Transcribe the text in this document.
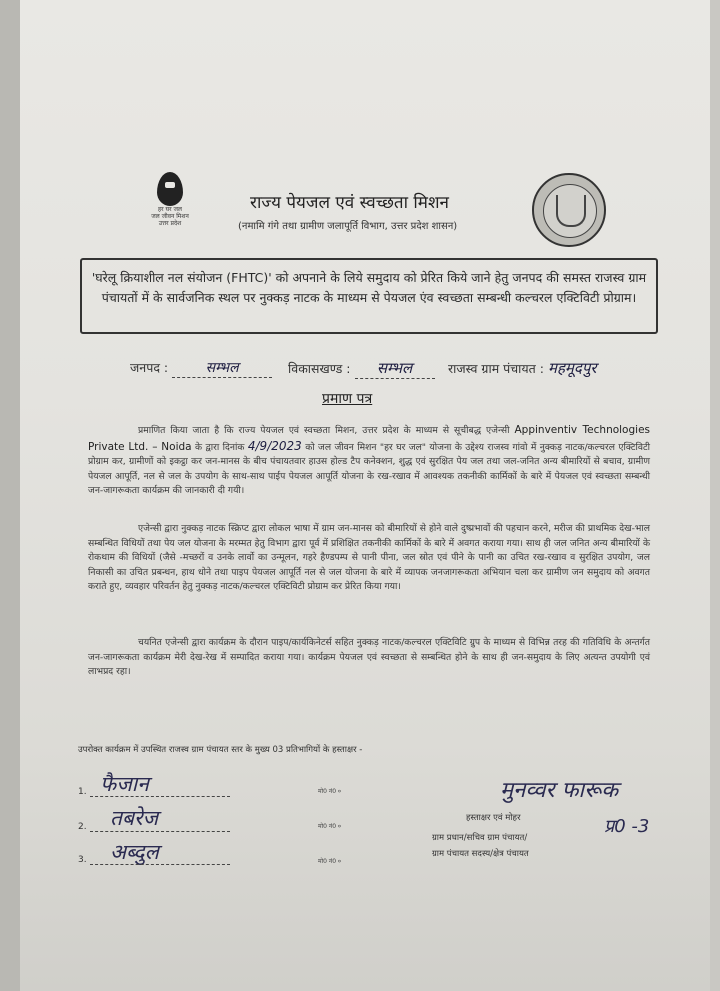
हर घर जल
जल जीवन मिशन
उत्तर प्रदेश
राज्य पेयजल एवं स्वच्छता मिशन
(नमामि गंगे तथा ग्रामीण जलापूर्ति विभाग, उत्तर प्रदेश शासन)
'घरेलू क्रियाशील नल संयोजन (FHTC)' को अपनाने के लिये समुदाय को प्रेरित किये जाने हेतु जनपद की समस्त राजस्व ग्राम पंचायतों में के सार्वजनिक स्थल पर नुक्कड़ नाटक के माध्यम से पेयजल एंव स्वच्छता सम्बन्धी कल्चरल एक्टिविटी प्रोग्राम।
जनपद :	सम्भल	विकासखण्ड : सम्भल	राजस्व ग्राम पंचायत : महमूदपुर
प्रमाण पत्र
प्रमाणित किया जाता है कि राज्य पेयजल एवं स्वच्छता मिशन, उत्तर प्रदेश के माध्यम से सूचीबद्ध एजेन्सी Appinventiv Technologies Private Ltd. – Noida के द्वारा दिनांक 4/9/2023 को जल जीवन मिशन "हर घर जल" योजना के उद्देश्य राजस्व गांवो में नुक्कड़ नाटक/कल्चरल एक्टिविटी प्रोग्राम कर, ग्रामीणों को इकट्ठा कर जन-मानस के बीच पंचायतवार हाउस होल्ड टैप कनेक्शन, शुद्ध एवं सुरक्षित पेय जल तथा जल-जनित अन्य बीमारियों से बचाव, ग्रामीण पेयजल आपूर्ति, नल से जल के उपयोग के साथ-साथ पाईप पेयजल आपूर्ति योजना के रख-रखाव में आवश्यक तकनीकी कार्मिकों के बारे में पेयजल एवं स्वच्छता सम्बन्धी जन-जागरूकता कार्यक्रम की जानकारी दी गयी।
एजेन्सी द्वारा नुक्कड़ नाटक स्क्रिप्ट द्वारा लोकल भाषा में ग्राम जन-मानस को बीमारियों से होने वाले दुष्प्रभावों की पहचान करने, मरीज की प्राथमिक देख-भाल सम्बन्धित विधियों तथा पेय जल योजना के मरम्मत हेतु विभाग द्वारा पूर्व में प्रशिक्षित तकनीकी कार्मिकों के बारे में अवगत कराया गया। साथ ही जल जनित अन्य बीमारियों के रोकथाम की विधियों (जैसे -मच्छरों व उनके लार्वो का उन्मूलन, गहरे हैण्डपम्प से पानी पीना, जल स्रोत एवं पीने के पानी का उचित रख-रखाव व सुरक्षित उपयोग, जल निकासी का उचित प्रबन्धन, हाथ धोने तथा पाइप पेयजल आपूर्ति नल से जल योजना के बारे में व्यापक जनजागरूकता अभियान चला कर ग्रामीण जन समुदाय को अवगत कराते हुए, व्यवहार परिवर्तन हेतु नुक्कड़ नाटक/कल्चरल एक्टिविटी प्रोग्राम कर प्रेरित किया गया।
चयनित एजेन्सी द्वारा कार्यक्रम के दौरान पाइप/कार्यकिनेटर्स सहित नुक्कड़ नाटक/कल्चरल एक्टिविटि ग्रुप के माध्यम से विभिन्न तरह की गतिविधि के अन्तर्गत जन-जागरूकता कार्यक्रम मेरी देख-रेख में सम्पादित कराया गया। कार्यक्रम पेयजल एवं स्वच्छता से सम्बन्धित होने के साथ ही जन-समुदाय के लिए अत्यन्त उपयोगी एवं लाभप्रद रहा।
उपरोक्त कार्यक्रम में उपस्थित राजस्व ग्राम पंचायत स्तर के मुख्य 03 प्रतिभागियों के हस्ताक्षर -
1. फैजान	मो0 नं0 ०
2. तबरेज	मो0 नं0 ०
3. अब्दुल	मो0 नं0 ०
मुनव्वर फारूक
प्र0 -3
हस्ताक्षर एवं मोहर
ग्राम प्रधान/सचिव ग्राम पंचायत/
ग्राम पंचायत सदस्य/क्षेत्र पंचायत
